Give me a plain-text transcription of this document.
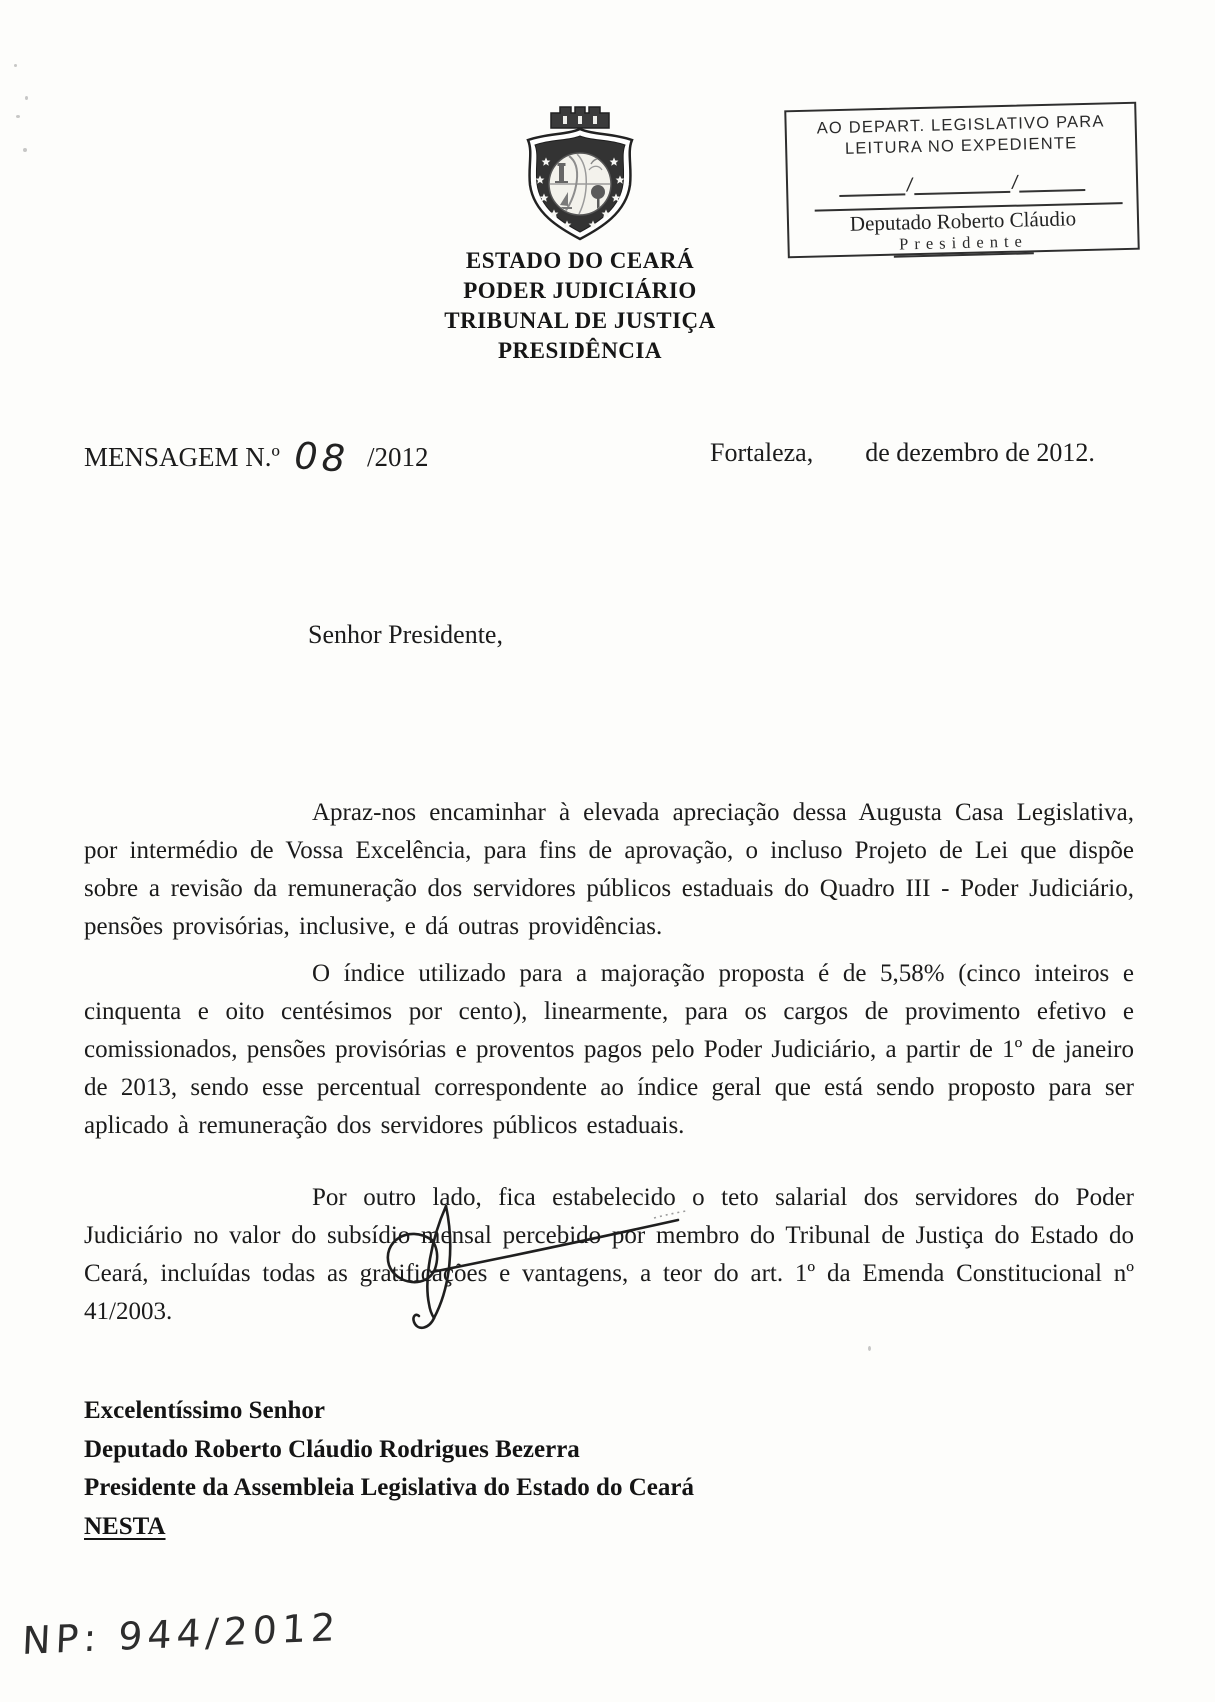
ESTADO DO CEARÁ
PODER JUDICIÁRIO
TRIBUNAL DE JUSTIÇA
PRESIDÊNCIA
AO DEPART. LEGISLATIVO PARA
LEITURA NO EXPEDIENTE
/	/
Deputado Roberto Cláudio
Presidente
MENSAGEM N.º 08 /2012	Fortaleza, de dezembro de 2012.
Senhor Presidente,

Apraz-nos encaminhar à elevada apreciação dessa Augusta Casa Legislativa, por intermédio de Vossa Excelência, para fins de aprovação, o incluso Projeto de Lei que dispõe sobre a revisão da remuneração dos servidores públicos estaduais do Quadro III - Poder Judiciário, pensões provisórias, inclusive, e dá outras providências.

O índice utilizado para a majoração proposta é de 5,58% (cinco inteiros e cinquenta e oito centésimos por cento), linearmente, para os cargos de provimento efetivo e comissionados, pensões provisórias e proventos pagos pelo Poder Judiciário, a partir de 1º de janeiro de 2013, sendo esse percentual correspondente ao índice geral que está sendo proposto para ser aplicado à remuneração dos servidores públicos estaduais.

Por outro lado, fica estabelecido o teto salarial dos servidores do Poder Judiciário no valor do subsídio mensal percebido por membro do Tribunal de Justiça do Estado do Ceará, incluídas todas as gratificações e vantagens, a teor do art. 1º da Emenda Constitucional nº 41/2003.

Excelentíssimo Senhor
Deputado Roberto Cláudio Rodrigues Bezerra
Presidente da Assembleia Legislativa do Estado do Ceará
NESTA
NP: 944/2012
